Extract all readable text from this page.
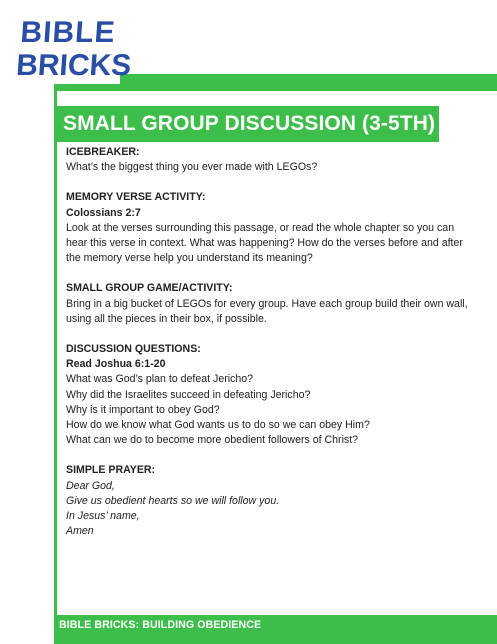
BIBLE
BRICKS
SMALL GROUP DISCUSSION (3-5TH)

ICEBREAKER:

What’s the biggest thing you ever made with LEGOs?

MEMORY VERSE ACTIVITY:

Colossians 2:7

Look at the verses surrounding this passage, or read the whole chapter so you can

hear this verse in context. What was happening? How do the verses before and after

the memory verse help you understand its meaning?

SMALL GROUP GAME/ACTIVITY:

Bring in a big bucket of LEGOs for every group. Have each group build their own wall,

using all the pieces in their box, if possible.

DISCUSSION QUESTIONS:

Read Joshua 6:1-20

What was God’s plan to defeat Jericho?

Why did the Israelites succeed in defeating Jericho?

Why is it important to obey God?

How do we know what God wants us to do so we can obey Him?

What can we do to become more obedient followers of Christ?

SIMPLE PRAYER:

Dear God,

Give us obedient hearts so we will follow you.

In Jesus’ name,

Amen

BIBLE BRICKS: BUILDING OBEDIENCE
